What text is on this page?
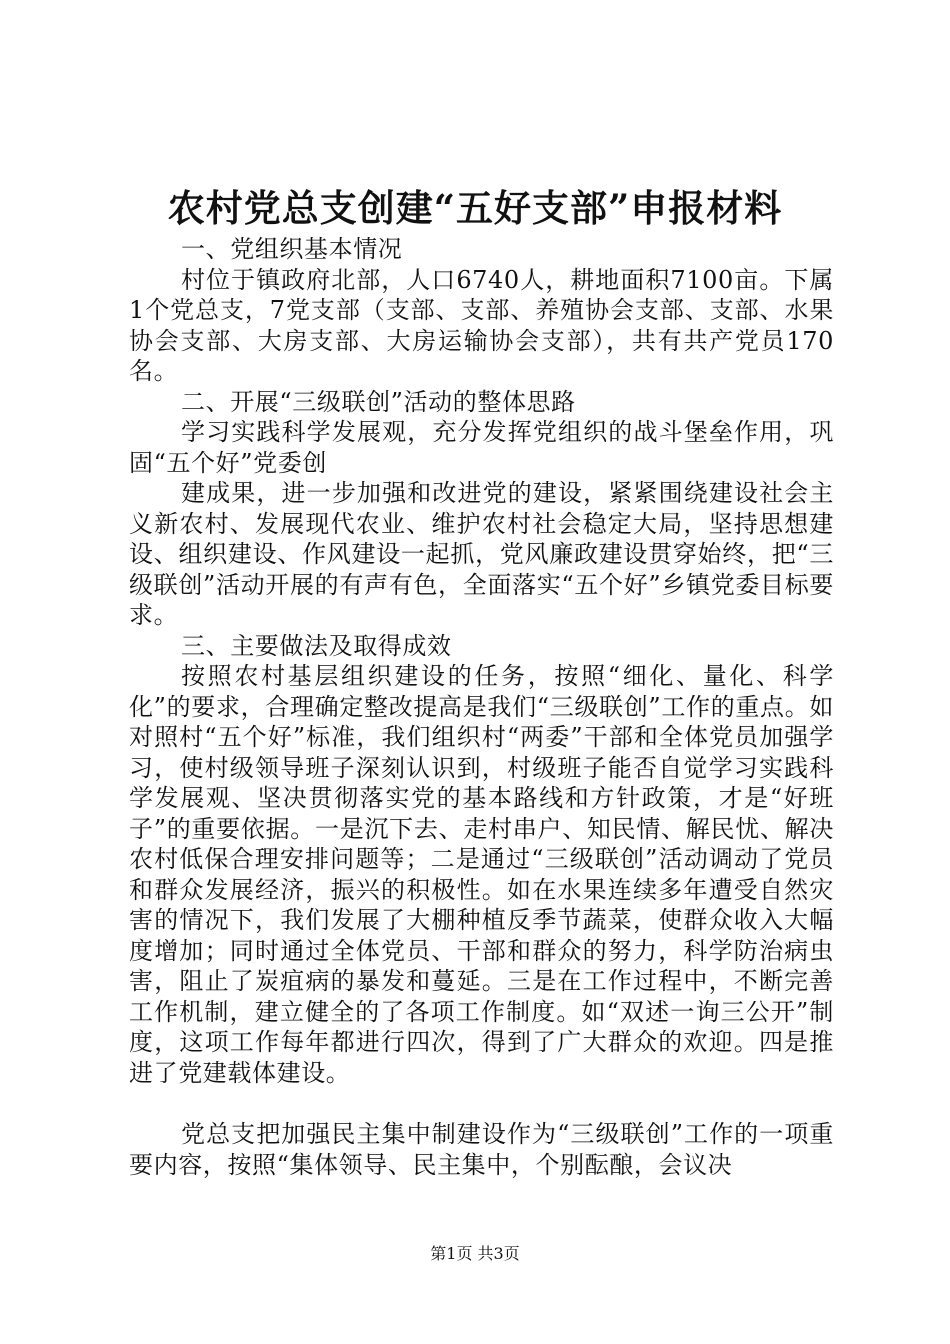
农村党总支创建“五好支部”申报材料

一、党组织基本情况

村位于镇政府北部，人口6740人，耕地面积7100亩。下属1个党总支，7党支部（支部、支部、养殖协会支部、支部、水果协会支部、大房支部、大房运输协会支部），共有共产党员170名。

二、开展“三级联创”活动的整体思路

学习实践科学发展观，充分发挥党组织的战斗堡垒作用，巩固“五个好”党委创

建成果，进一步加强和改进党的建设，紧紧围绕建设社会主义新农村、发展现代农业、维护农村社会稳定大局，坚持思想建设、组织建设、作风建设一起抓，党风廉政建设贯穿始终，把“三级联创”活动开展的有声有色，全面落实“五个好”乡镇党委目标要求。

三、主要做法及取得成效

按照农村基层组织建设的任务，按照“细化、量化、科学化”的要求，合理确定整改提高是我们“三级联创”工作的重点。如对照村“五个好”标准，我们组织村“两委”干部和全体党员加强学习，使村级领导班子深刻认识到，村级班子能否自觉学习实践科学发展观、坚决贯彻落实党的基本路线和方针政策，才是“好班子”的重要依据。一是沉下去、走村串户、知民情、解民忧、解决农村低保合理安排问题等；二是通过“三级联创”活动调动了党员和群众发展经济，振兴的积极性。如在水果连续多年遭受自然灾害的情况下，我们发展了大棚种植反季节蔬菜，使群众收入大幅度增加；同时通过全体党员、干部和群众的努力，科学防治病虫害，阻止了炭疽病的暴发和蔓延。三是在工作过程中，不断完善工作机制，建立健全的了各项工作制度。如“双述一询三公开”制度，这项工作每年都进行四次，得到了广大群众的欢迎。四是推进了党建载体建设。

党总支把加强民主集中制建设作为“三级联创”工作的一项重要内容，按照“集体领导、民主集中，个别酝酿，会议决

第1页 共3页
